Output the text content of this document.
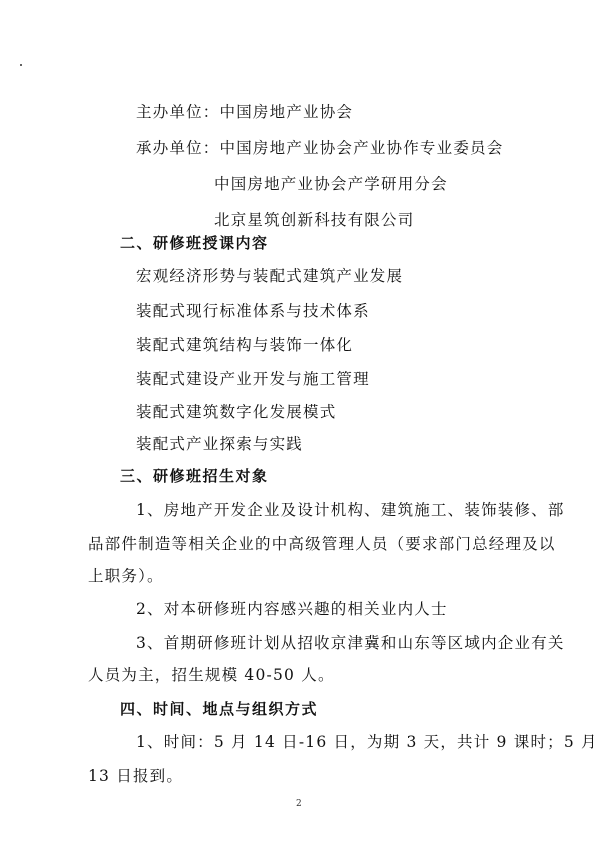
主办单位：中国房地产业协会
承办单位：中国房地产业协会产业协作专业委员会
中国房地产业协会产学研用分会
北京星筑创新科技有限公司
二、研修班授课内容
宏观经济形势与装配式建筑产业发展
装配式现行标准体系与技术体系
装配式建筑结构与装饰一体化
装配式建设产业开发与施工管理
装配式建筑数字化发展模式
装配式产业探索与实践
三、研修班招生对象
1、房地产开发企业及设计机构、建筑施工、装饰装修、部
品部件制造等相关企业的中高级管理人员（要求部门总经理及以
上职务）。
2、对本研修班内容感兴趣的相关业内人士
3、首期研修班计划从招收京津冀和山东等区域内企业有关
人员为主，招生规模 40-50 人。
四、时间、地点与组织方式
1、时间：5 月 14 日-16 日，为期 3 天，共计 9 课时；5 月
13 日报到。
2
